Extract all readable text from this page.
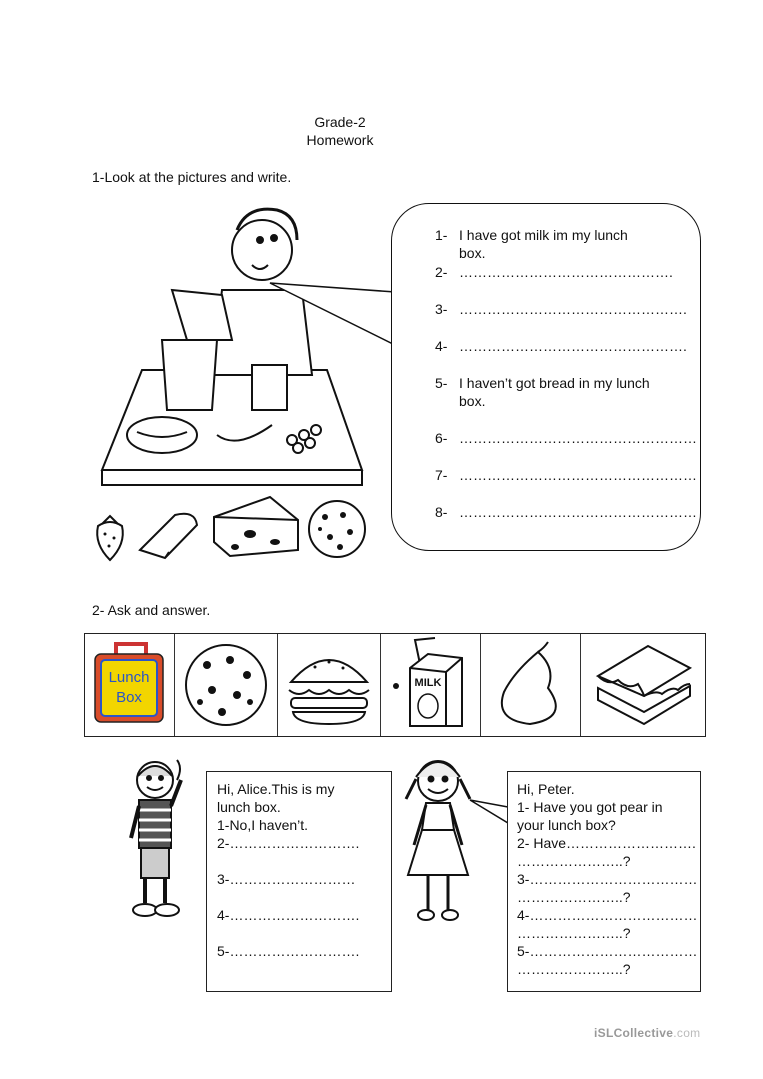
Grade-2
Homework
1-Look at the pictures and write.
1- I have got milk im my lunch
box.
2- ……………………………………….
3- ………………………………………….
4- ………………………………………….
5- I haven’t got bread in my lunch
box.
6- ……………………………………………
7- ……………………………………………
8- ……………………………………………
2- Ask and answer.
Lunch
Box
MILK
Hi, Alice.This is my
lunch box.
1-No,I haven’t.
2-……………………….
3-………………………
4-……………………….
5-……………………….
Hi, Peter.
1- Have you got pear in
your lunch box?
2- Have……………………….
…………………..?
3-………………………………
…………………..?
4-………………………………
…………………..?
5-………………………………
…………………..?
iSLCollective.com
